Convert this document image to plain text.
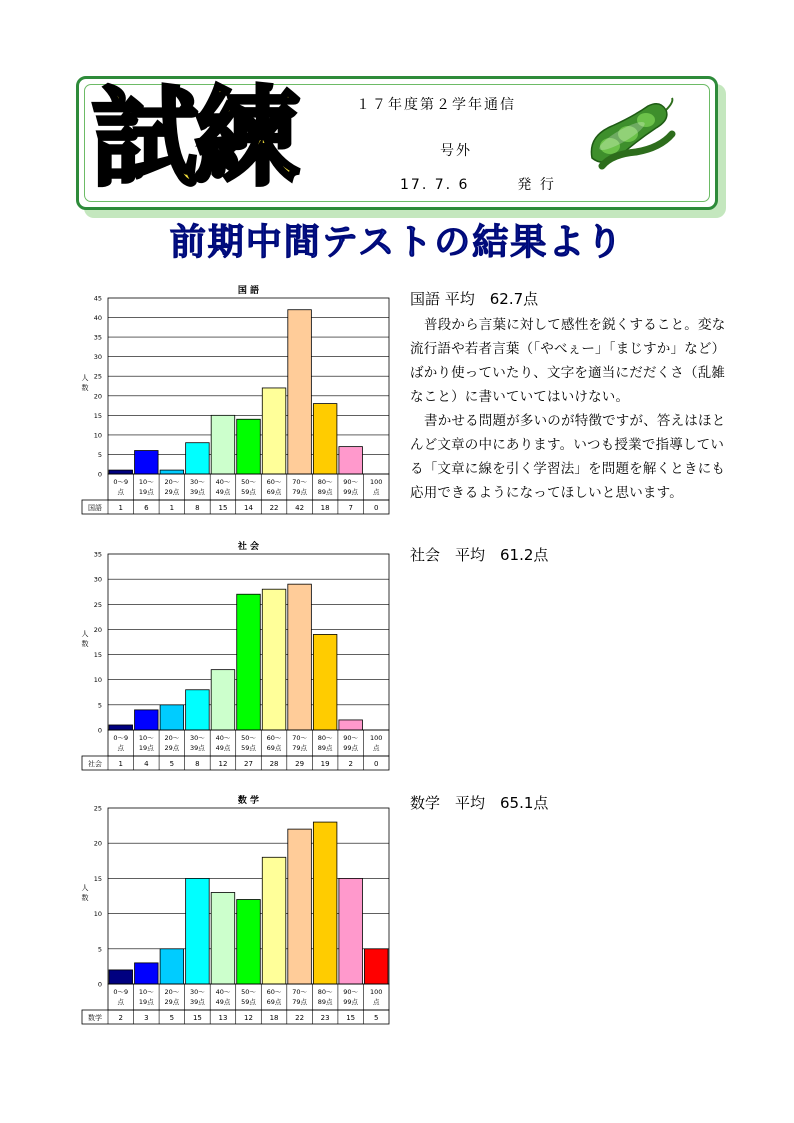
試練	１７年度第２学年通信
号外
17. 7. 6　　　発 行
前期中間テストの結果より
国 語
人
数
0
5
10
15
20
25
30
35
40
45
0～9
点
10～
19点
20～
29点
30～
39点
40～
49点
50～
59点
60～
69点
70～
79点
80～
89点
90～
99点
100
点
国語 1	6	1	8	15 14 22 42 18	7	0
社 会
人
数
0
5
10
15
20
25
30
35
0～9
点
10～
19点
20～
29点
30～
39点
40～
49点
50～
59点
60～
69点
70～
79点
80～
89点
90～
99点
100
点
社会 1	4	5	8	12 27 28 29 19	2	0
数 学
人
数
0
5
10
15
20
25
0～9
点
10～
19点
20～
29点
30～
39点
40～
49点
50～
59点
60～
69点
70～
79点
80～
89点
90～
99点
100
点
数学 2	3	5	15 13 12 18 22 23 15	5
国語 平均　62.7点

普段から言葉に対して感性を鋭くすること。変な流行語や若者言葉（「やべぇー」「まじすか」など）ばかり使っていたり、文字を適当にだだくさ（乱雑なこと）に書いていてはいけない。

書かせる問題が多いのが特徴ですが、答えはほとんど文章の中にあります。いつも授業で指導している「文章に線を引く学習法」を問題を解くときにも応用できるようになってほしいと思います。

社会　平均　61.2点
数学　平均　65.1点
